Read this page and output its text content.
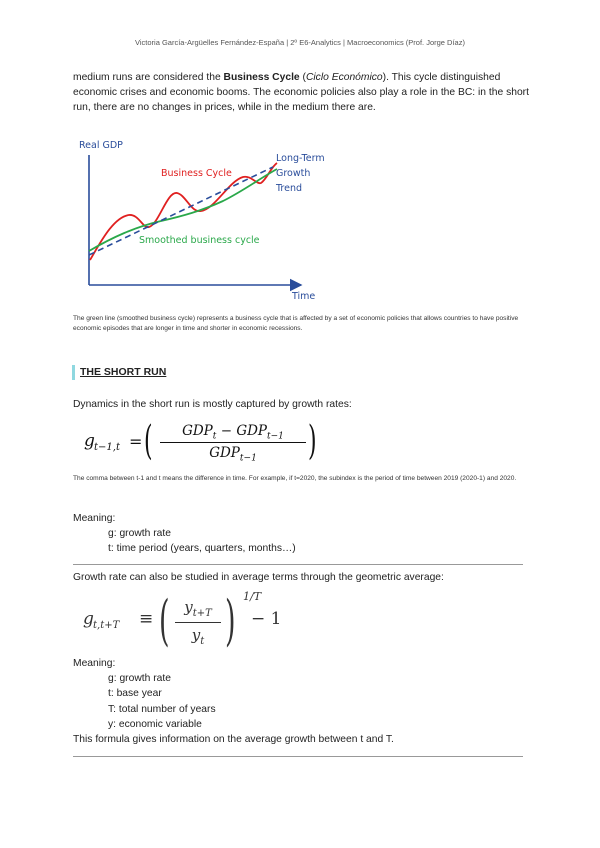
Victoria García-Argüelles Fernández-España | 2º E6-Analytics | Macroeconomics (Prof. Jorge Díaz)
medium runs are considered the Business Cycle (Ciclo Económico). This cycle distinguished economic crises and economic booms. The economic policies also play a role in the BC: in the short run, there are no changes in prices, while in the medium there are.
Real GDP
Time
Business Cycle
Long-Term
Growth
Trend
Smoothed business cycle
The green line (smoothed business cycle) represents a business cycle that is affected by a set of economic policies that allows countries to have positive economic episodes that are longer in time and shorter in economic recessions.
THE SHORT RUN
Dynamics in the short run is mostly captured by growth rates:
g t−1,t = (	$GDP_t - GDP_{t-1}$
$GDP_{t-1}$	)
The comma between t-1 and t means the difference in time. For example, if t=2020, the subindex is the period of time between 2019 (2020-1) and 2020.
Meaning:
g: growth rate
t: time period (years, quarters, months…)
Growth rate can also be studied in average terms through the geometric average:
g t,t+T ≡ ( $y_{t+T}$
$y_t$ ) 1/T
− 1
Meaning:
g: growth rate
t: base year
T: total number of years
y: economic variable
This formula gives information on the average growth between t and T.
